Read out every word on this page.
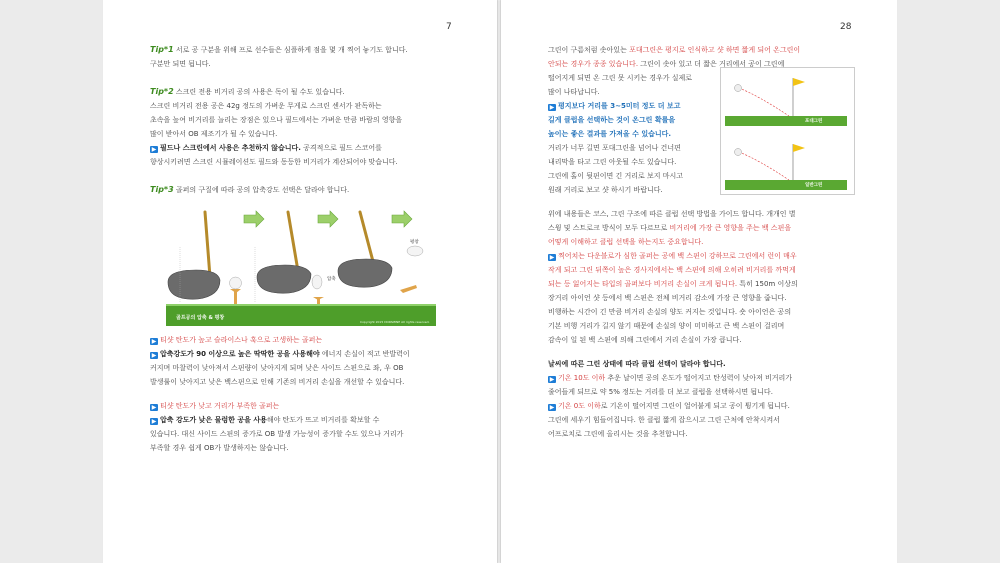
7

Tip*1 서로 공 구분을 위해 프로 선수들은 심플하게 점을 몇 개 찍어 놓기도 합니다.

구분만 되면 됩니다.

Tip*2 스크린 전용 비거리 공의 사용은 독이 될 수도 있습니다.

스크린 비거리 전용 공은 42g 정도의 가벼운 무게로 스크린 센서가 판독하는

초속을 높여 비거리를 늘리는 장점은 있으나 필드에서는 가벼운 만큼 바람의 영향을

많이 받아서 OB 제조기가 될 수 있습니다.

▶ 필드나 스크린에서 사용은 추천하지 않습니다. 공격적으로 필드 스코어를

향상시키려면 스크린 시뮬레이션도 필드와 동등한 비거리가 계산되어야 맞습니다.

Tip*3 골퍼의 구질에 따라 공의 압축강도 선택은 달라야 합니다.

압축
평창
골프공의 압축 & 평창
Copyright 2015 DOPAMINE All rights reserved.

▶ 티샷 탄도가 높고 슬라이스나 훅으로 고생하는 골퍼는

▶ 압축강도가 90 이상으로 높은 딱딱한 공을 사용해야 에너지 손실이 적고 반발력이

커지며 마찰력이 낮아져서 스핀량이 낮아지게 되며 낮은 사이드 스핀으로 좌, 우 OB

발생률이 낮아지고 낮은 백스핀으로 인해 기존의 비거리 손실을 개선할 수 있습니다.

▶ 티샷 탄도가 낮고 거리가 부족한 골퍼는

▶ 압축 강도가 낮은 물렁한 공을 사용해야 탄도가 뜨고 비거리를 확보할 수

있습니다. 대신 사이드 스핀의 증가로 OB 발생 가능성이 증가할 수도 있으나 거리가

부족할 경우 쉽게 OB가 발생하지는 않습니다.

28
포대그린
일반그린

그린이 구름처럼 솟아있는 포대그린은 평지로 인식하고 샷 하면 짧게 되어 온그린이

안되는 경우가 종종 있습니다. 그린이 솟아 있고 더 짧은 거리에서 공이 그린에

떨어지게 되면 온 그린 못 시키는 경우가 실제로

많이 나타납니다.

▶ 평지보다 거리를 3~5미터 정도 더 보고

길게 클럽을 선택하는 것이 온그린 확률을

높이는 좋은 결과를 가져올 수 있습니다.

거리가 너무 길면 포대그린을 넘어나 건너편

내리막을 타고 그린 아웃될 수도 있습니다.

그린에 홀이 뒷핀이면 긴 거리로 보지 마시고

원래 거리로 보고 샷 하시기 바랍니다.

위에 내용들은 코스, 그린 구조에 따른 클럽 선택 방법을 가이드 합니다. 개개인 별

스윙 및 스트로크 방식이 모두 다르므로 비거리에 가장 큰 영향을 주는 백 스핀을

어떻게 이해하고 클럽 선택을 하는지도 중요합니다.

▶ 찍어치는 다운블로가 심한 골퍼는 공에 백 스핀이 강하므로 그린에서 런이 매우

작게 되고 그린 뒤쪽이 높은 경사지에서는 백 스핀에 의해 오히려 비거리를 까먹게

되는 등 잃어지는 타입의 골퍼보다 비거리 손실이 크게 됩니다. 특히 150m 이상의

장거리 아이언 샷 등에서 백 스핀은 전체 비거리 감소에 가장 큰 영향을 줍니다.

비행하는 시간이 긴 만큼 비거리 손실의 양도 커지는 것입니다. 숏 아이언은 공의

기본 비행 거리가 길지 않기 때문에 손실의 양이 미미하고 큰 백 스핀이 걸리며

감속이 일 된 백 스핀에 의해 그린에서 거리 손실이 가장 큽니다.

날씨에 따른 그린 상태에 따라 클럽 선택이 달라야 합니다.

▶ 기온 10도 이하 추운 날이면 공의 온도가 떨어지고 탄성력이 낮아져 비거리가

줄어들게 되므로 약 5% 정도는 거리를 더 보고 클럽을 선택하시면 됩니다.

▶ 기온 0도 이하로 기온이 떨어지면 그린이 얼어붙게 되고 공이 튕기게 됩니다.

그린에 세우기 힘들어집니다. 한 클럽 짧게 잡으시고 그린 근처에 안착시켜서

어프로치로 그린에 올리시는 것을 추천합니다.
